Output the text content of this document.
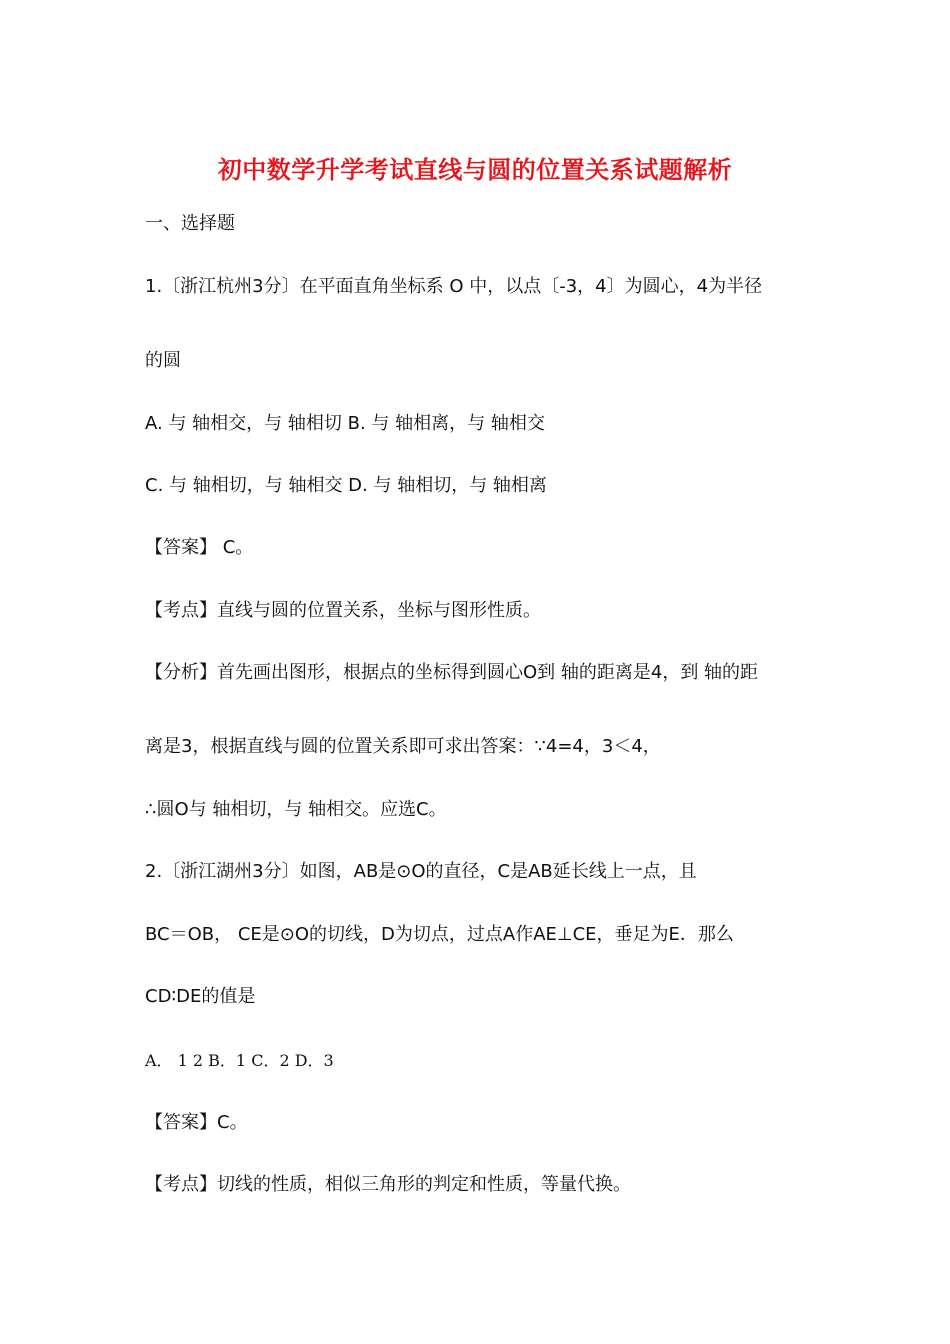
初中数学升学考试直线与圆的位置关系试题解析
一、选择题
1.〔浙江杭州3分〕在平面直角坐标系 O 中，以点〔-3，4〕为圆心，4为半径
的圆
A. 与 轴相交，与 轴相切 B. 与 轴相离，与 轴相交
C. 与 轴相切，与 轴相交 D. 与 轴相切，与 轴相离
【答案】 C。
【考点】直线与圆的位置关系，坐标与图形性质。
【分析】首先画出图形，根据点的坐标得到圆心O到 轴的距离是4，到 轴的距
离是3，根据直线与圆的位置关系即可求出答案：∵4=4，3＜4，
∴圆O与 轴相切，与 轴相交。应选C。
2.〔浙江湖州3分〕如图，AB是⊙O的直径，C是AB延长线上一点，且
BC＝OB， CE是⊙O的切线，D为切点，过点A作AE⊥CE，垂足为E．那么
CD∶DE的值是
A． 1 2 B．1 C．2 D．3
【答案】C。
【考点】切线的性质，相似三角形的判定和性质，等量代换。
